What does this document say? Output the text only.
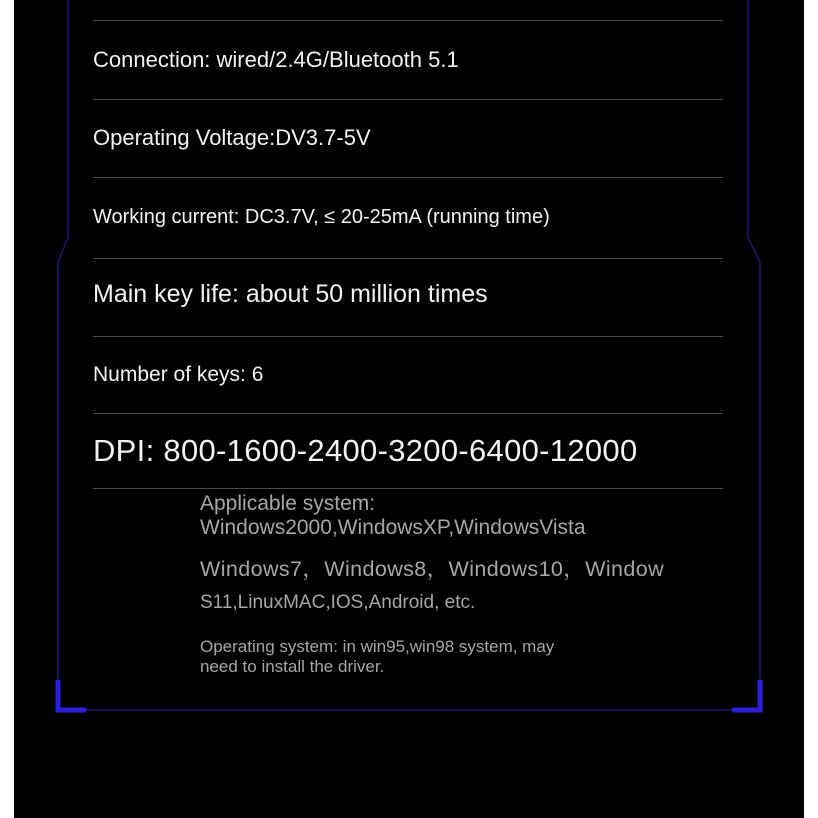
Connection: wired/2.4G/Bluetooth 5.1
Operating Voltage:DV3.7-5V
Working current: DC3.7V, ≤ 20-25mA (running time)
Main key life: about 50 million times
Number of keys: 6
DPI: 800-1600-2400-3200-6400-12000
Applicable system:
Windows2000,WindowsXP,WindowsVista
Windows7，Windows8，Windows10，Window
S11,LinuxMAC,IOS,Android, etc.
Operating system: in win95,win98 system, may
need to install the driver.
